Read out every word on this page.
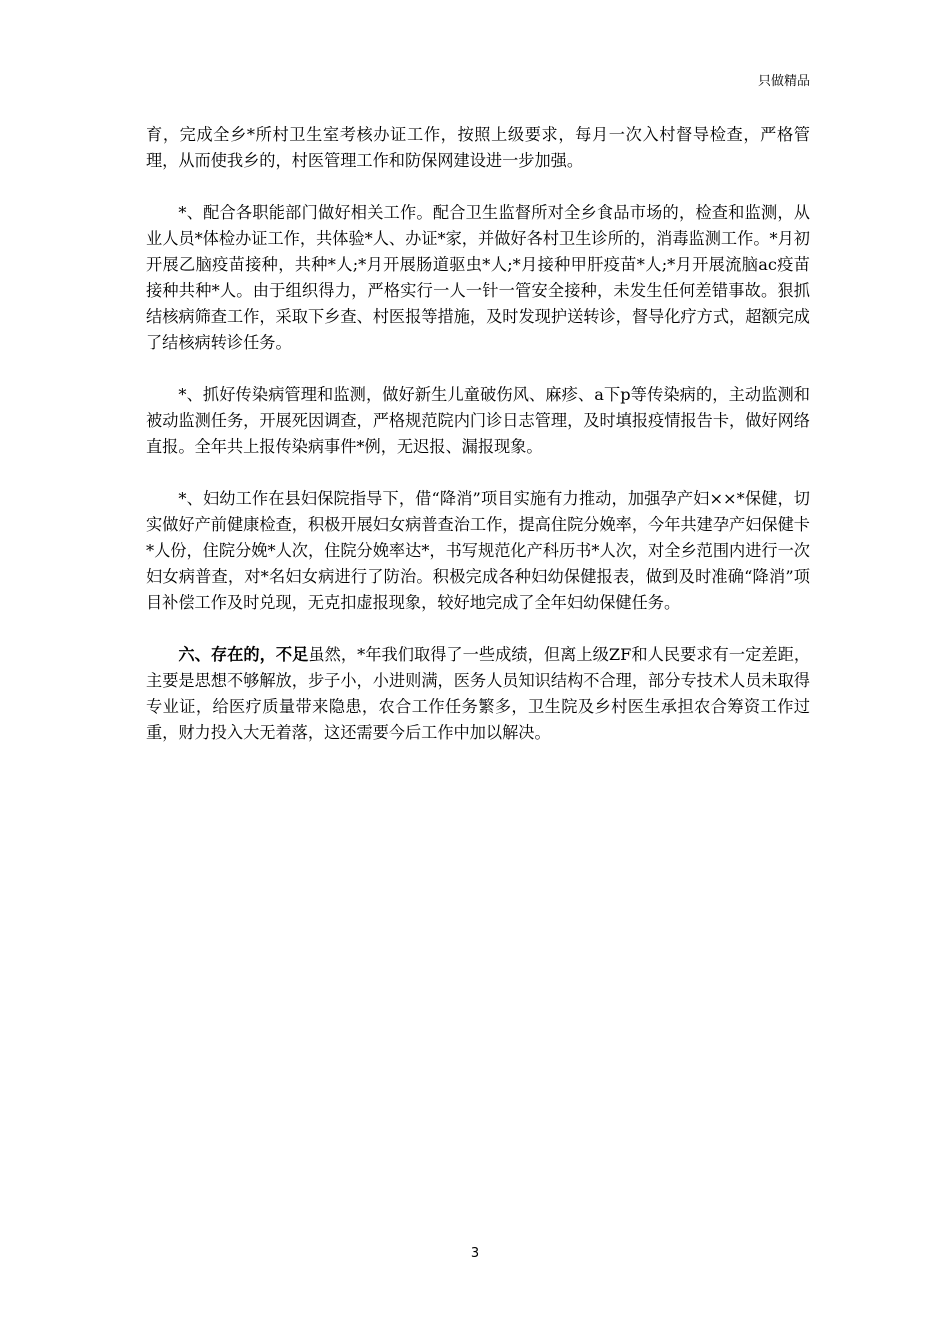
只做精品

育，完成全乡*所村卫生室考核办证工作，按照上级要求，每月一次入村督导检查，严格管理，从而使我乡的，村医管理工作和防保网建设进一步加强。

*、配合各职能部门做好相关工作。配合卫生监督所对全乡食品市场的，检查和监测，从业人员*体检办证工作，共体验*人、办证*家，并做好各村卫生诊所的，消毒监测工作。*月初开展乙脑疫苗接种，共种*人;*月开展肠道驱虫*人;*月接种甲肝疫苗*人;*月开展流脑ac疫苗接种共种*人。由于组织得力，严格实行一人一针一管安全接种，未发生任何差错事故。狠抓结核病筛查工作，采取下乡查、村医报等措施，及时发现护送转诊，督导化疗方式，超额完成了结核病转诊任务。

*、抓好传染病管理和监测，做好新生儿童破伤风、麻疹、a下p等传染病的，主动监测和被动监测任务，开展死因调查，严格规范院内门诊日志管理，及时填报疫情报告卡，做好网络直报。全年共上报传染病事件*例，无迟报、漏报现象。

*、妇幼工作在县妇保院指导下，借“降消”项目实施有力推动，加强孕产妇××*保健，切实做好产前健康检查，积极开展妇女病普查治工作，提高住院分娩率，今年共建孕产妇保健卡*人份，住院分娩*人次，住院分娩率达*，书写规范化产科历书*人次，对全乡范围内进行一次妇女病普查，对*名妇女病进行了防治。积极完成各种妇幼保健报表，做到及时准确“降消”项目补偿工作及时兑现，无克扣虚报现象，较好地完成了全年妇幼保健任务。

六、存在的，不足虽然，*年我们取得了一些成绩，但离上级ZF和人民要求有一定差距，主要是思想不够解放，步子小，小进则满，医务人员知识结构不合理，部分专技术人员未取得专业证，给医疗质量带来隐患，农合工作任务繁多，卫生院及乡村医生承担农合筹资工作过重，财力投入大无着落，这还需要今后工作中加以解决。

3
